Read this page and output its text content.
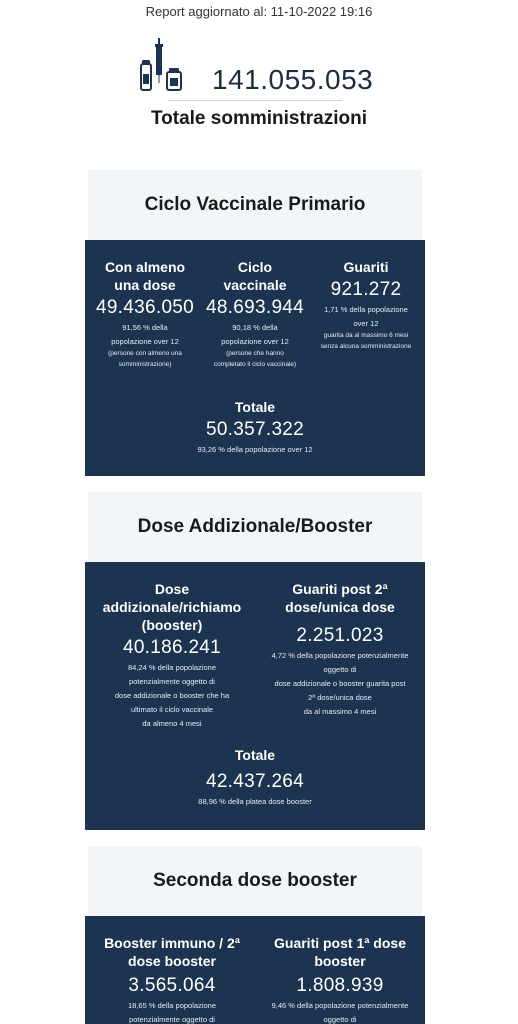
Report aggiornato al: 11-10-2022 19:16
141.055.053
Totale somministrazioni
Ciclo Vaccinale Primario
Con almeno
una dose
49.436.050
91,56 % della
popolazione over 12
(persone con almeno una
somministrazione)
Ciclo
vaccinale
48.693.944
90,18 % della
popolazione over 12
(persone che hanno
completato il ciclo vaccinale)
Guariti
921.272
1,71 % della popolazione
over 12
guarita da al massimo 6 mesi
senza alcuna somministrazione
Totale
50.357.322
93,26 % della popolazione over 12
Dose Addizionale/Booster
Dose
addizionale/richiamo
(booster)
40.186.241
84,24 % della popolazione
potenzialmente oggetto di
dose addizionale o booster che ha
ultimato il ciclo vaccinale
da almeno 4 mesi
Guariti post 2ª
dose/unica dose
2.251.023
4,72 % della popolazione potenzialmente
oggetto di
dose addizionale o booster guarita post
2ª dose/unica dose
da al massimo 4 mesi
Totale
42.437.264
88,96 % della platea dose booster
Seconda dose booster
Booster immuno / 2ª
dose booster
3.565.064
18,65 % della popolazione
potenzialmente oggetto di
Guariti post 1ª dose
booster
1.808.939
9,46 % della popolazione potenzialmente
oggetto di
